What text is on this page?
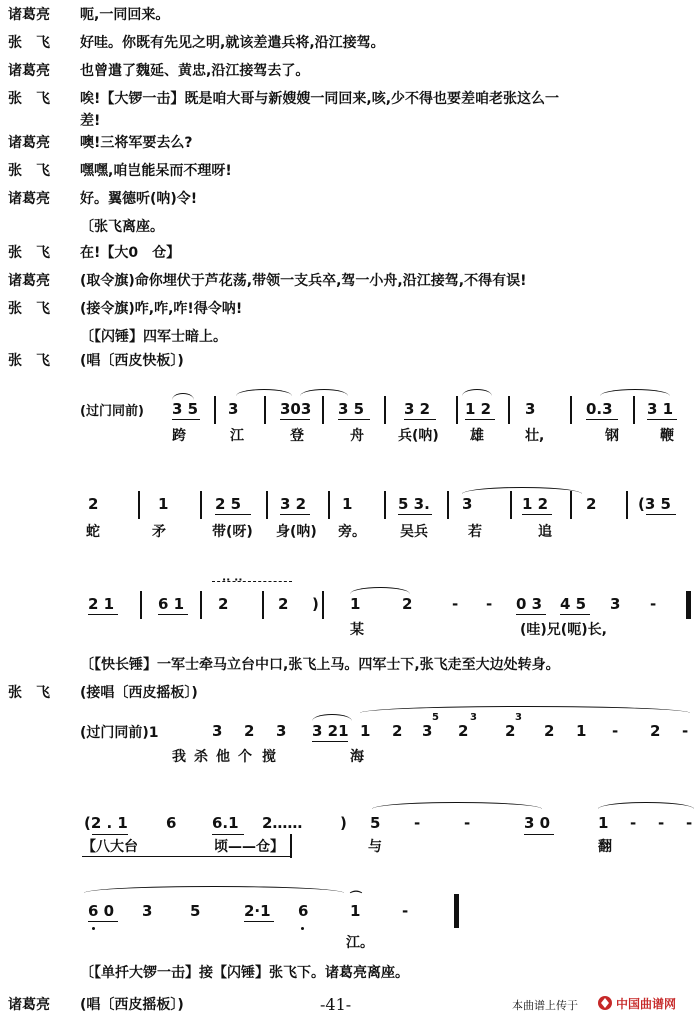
诸葛亮 呃,一同回来。
张　飞 好哇。你既有先见之明,就该差遣兵将,沿江接驾。
诸葛亮 也曾遣了魏延、黄忠,沿江接驾去了。
张　飞 唉!【大锣一击】既是咱大哥与新嫂嫂一同回来,咳,少不得也要差咱老张这么一
差!
诸葛亮 噢!三将军要去么?
张　飞 嘿嘿,咱岂能呆而不理呀!
诸葛亮 好。翼德听(呐)令!
〔张飞离座。
张　飞 在!【大0　仓】
诸葛亮 (取令旗)命你埋伏于芦花荡,带领一支兵卒,驾一小舟,沿江接驾,不得有误!
张　飞 (接令旗)咋,咋,咋!得令呐!
〔【闪锤】四军士暗上。
张　飞 (唱〔西皮快板〕)
(过门同前) 3 5 3	303 3 5	3 2 1 2 3	0.3 3 1
跨	江	登	舟 兵(呐) 雄	壮,	钢	鞭
2	1	2 5	3 2 1	5 3. 3	1 2	2	(3 5
蛇	矛	带(呀) 身(呐) 旁。 吴兵	若	追
2 1	6 1 2	2 ) 1	2	- - 0 3 4 5 3 -
·· ··
某	(哇)兄(呃)长,
〔【快长锤】一军士牵马立台中口,张飞上马。四军士下,张飞走至大边处转身。
张　飞 (接唱〔西皮摇板〕)
(过门同前)1	3 2 3 3 21 1 2 3 2 2 2 1 - 2 -
5	3	3
我 杀 他 个 搅	海
(2 . 1	6 6.1 2……	) 5 -	-	3 0	1 - - -
【八大台	顷——仓】	与	翻
6 0 3	5	2·1 6	1	-
⌒
江。
〔【单扦大锣一击】接【闪锤】张飞下。诸葛亮离座。
诸葛亮 (唱〔西皮摇板〕)	-41-	本曲谱上传于	中国曲谱网
